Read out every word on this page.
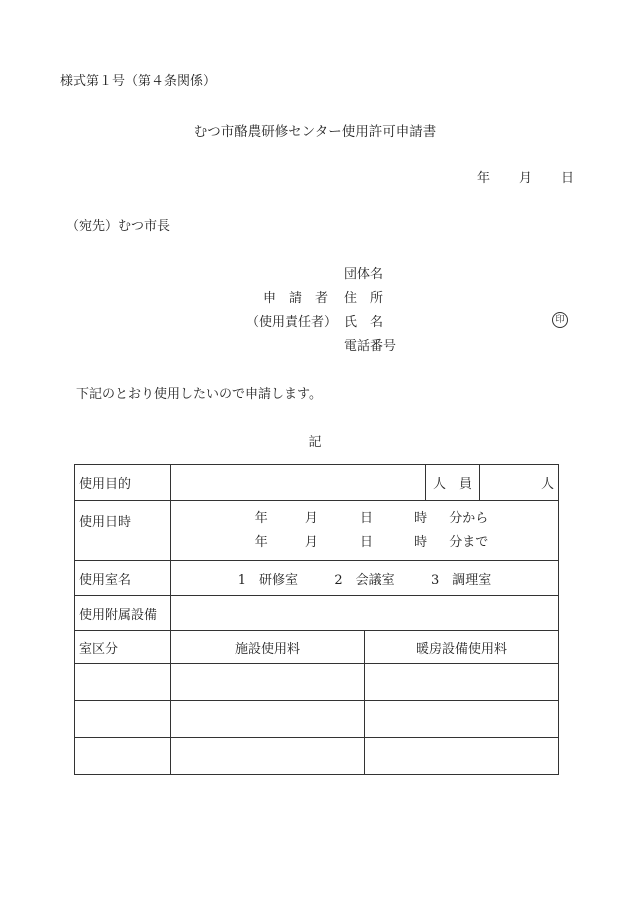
様式第１号（第４条関係）
むつ市酪農研修センター使用許可申請書
年 月 日
（宛先）むつ市長
団体名
申　請　者 住　所
（使用責任者） 氏　名	印
電話番号
下記のとおり使用したいので申請します。
記
使用目的			人　員	人
使用日時	年 月 日 時 分から
年 月 日 時 分まで			

使用室名	1　 研修室 2　 会議室 3　 調理室			
使用附属設備				
室区分	施設使用料	暖房設備使用料		
